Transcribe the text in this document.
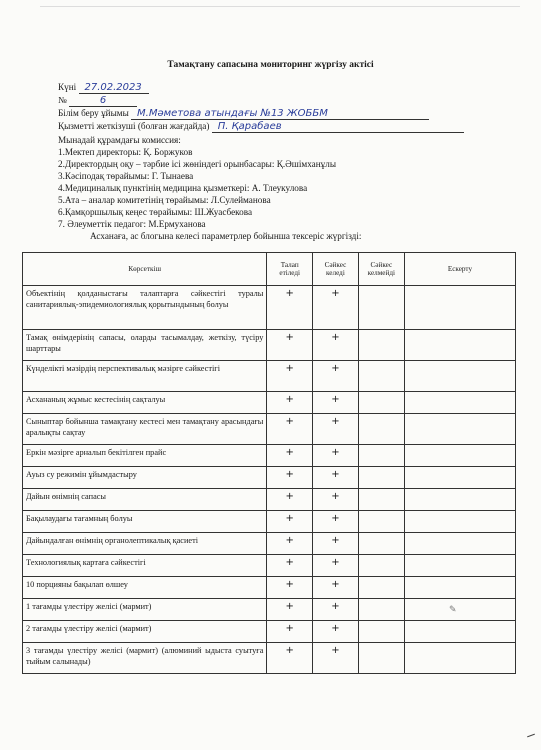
Тамақтану сапасына мониторинг жүргізу актісі
Күні 27.02.2023
№	6
Білім беру ұйымы М.Мәметова атындағы №13 ЖОББМ
Қызметті жеткізуші (болған жағдайда) П. Қарабаев
Мынадай құрамдағы комиссия:
1.Мектеп директоры: Қ. Боржуков
2.Директордың оқу – тәрбие ісі жөніндегі орынбасары: Қ.Әшімханұлы
3.Кәсіподақ төрайымы: Г. Тынаева
4.Медициналық пунктінің медицина қызметкері: А. Тлеукулова
5.Ата – аналар комитетінің төрайымы: Л.Сулейманова
6.Қамқоршылық кеңес төрайымы: Ш.Жуасбекова
7. Әлеуметтік педагог: М.Ермуханова
Асханаға, ас блогына келесі параметрлер бойынша тексеріс жүргізді:
Көрсеткіш	Талап етіледі	Сәйкес келеді	Сәйкес келмейді	Ескерту
Объектінің қолданыстағы талаптарға сәйкестігі туралы санитариялық-эпидемиологиялық қорытындының болуы	+	+		
Тамақ өнімдерінің сапасы, оларды тасымалдау, жеткізу, түсіру шарттары	+	+		
Күнделікті мәзірдің перспективалық мәзірге сәйкестігі	+	+		
Асхананың жұмыс кестесінің сақталуы	+	+		
Сыныптар бойынша тамақтану кестесі мен тамақтану арасындағы аралықты сақтау	+	+		
Еркін мәзірге арналып бекітілген прайс	+	+		
Ауыз су режимін ұйымдастыру	+	+		
Дайын өнімнің сапасы	+	+		
Бақылаудағы тағамның болуы	+	+		
Дайындалған өнімнің органолептикалық қасиеті	+	+		
Технологиялық картаға сәйкестігі	+	+		
10 порцияны бақылап өлшеу	+	+		
1 тағамды үлестіру желісі (мармит)	+	+		
2 тағамды үлестіру желісі (мармит)	+	+		
3 тағамды үлестіру желісі (мармит) (алюминий ыдыста суытуға тыйым салынады)	+	+		
✎
